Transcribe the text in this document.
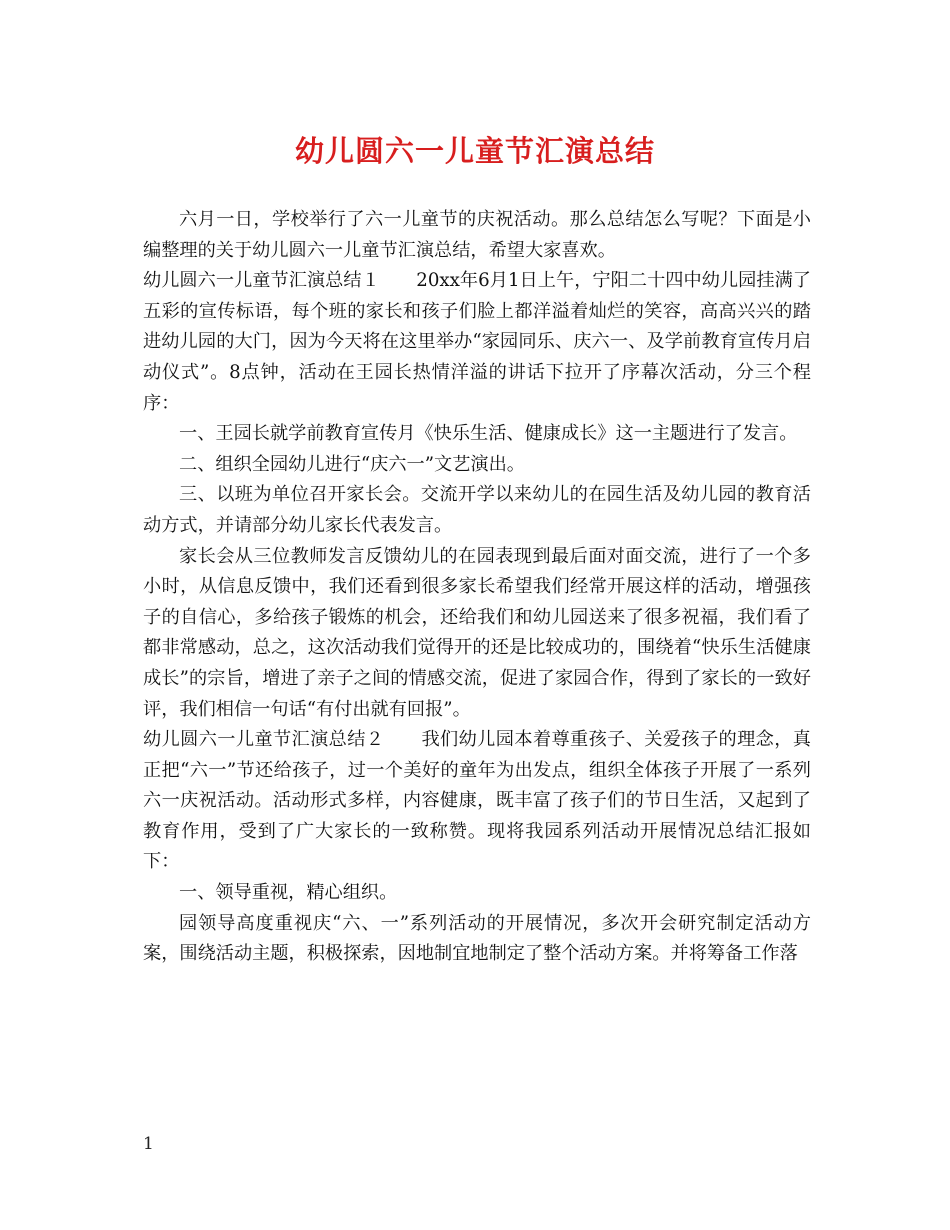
幼儿圆六一儿童节汇演总结

六月一日，学校举行了六一儿童节的庆祝活动。那么总结怎么写呢？下面是小编整理的关于幼儿圆六一儿童节汇演总结，希望大家喜欢。

幼儿圆六一儿童节汇演总结１　　20xx年6月1日上午，宁阳二十四中幼儿园挂满了五彩的宣传标语，每个班的家长和孩子们脸上都洋溢着灿烂的笑容，高高兴兴的踏进幼儿园的大门，因为今天将在这里举办“家园同乐、庆六一、及学前教育宣传月启动仪式”。8点钟，活动在王园长热情洋溢的讲话下拉开了序幕次活动，分三个程序：

一、王园长就学前教育宣传月《快乐生活、健康成长》这一主题进行了发言。

二、组织全园幼儿进行“庆六一”文艺演出。

三、以班为单位召开家长会。交流开学以来幼儿的在园生活及幼儿园的教育活动方式，并请部分幼儿家长代表发言。

家长会从三位教师发言反馈幼儿的在园表现到最后面对面交流，进行了一个多小时，从信息反馈中，我们还看到很多家长希望我们经常开展这样的活动，增强孩子的自信心，多给孩子锻炼的机会，还给我们和幼儿园送来了很多祝福，我们看了都非常感动，总之，这次活动我们觉得开的还是比较成功的，围绕着“快乐生活健康成长”的宗旨，增进了亲子之间的情感交流，促进了家园合作，得到了家长的一致好评，我们相信一句话“有付出就有回报”。

幼儿圆六一儿童节汇演总结２　　我们幼儿园本着尊重孩子、关爱孩子的理念，真正把“六一”节还给孩子，过一个美好的童年为出发点，组织全体孩子开展了一系列六一庆祝活动。活动形式多样，内容健康，既丰富了孩子们的节日生活，又起到了教育作用，受到了广大家长的一致称赞。现将我园系列活动开展情况总结汇报如下：

一、领导重视，精心组织。

园领导高度重视庆“六、一”系列活动的开展情况，多次开会研究制定活动方案，围绕活动主题，积极探索，因地制宜地制定了整个活动方案。并将筹备工作落

1
